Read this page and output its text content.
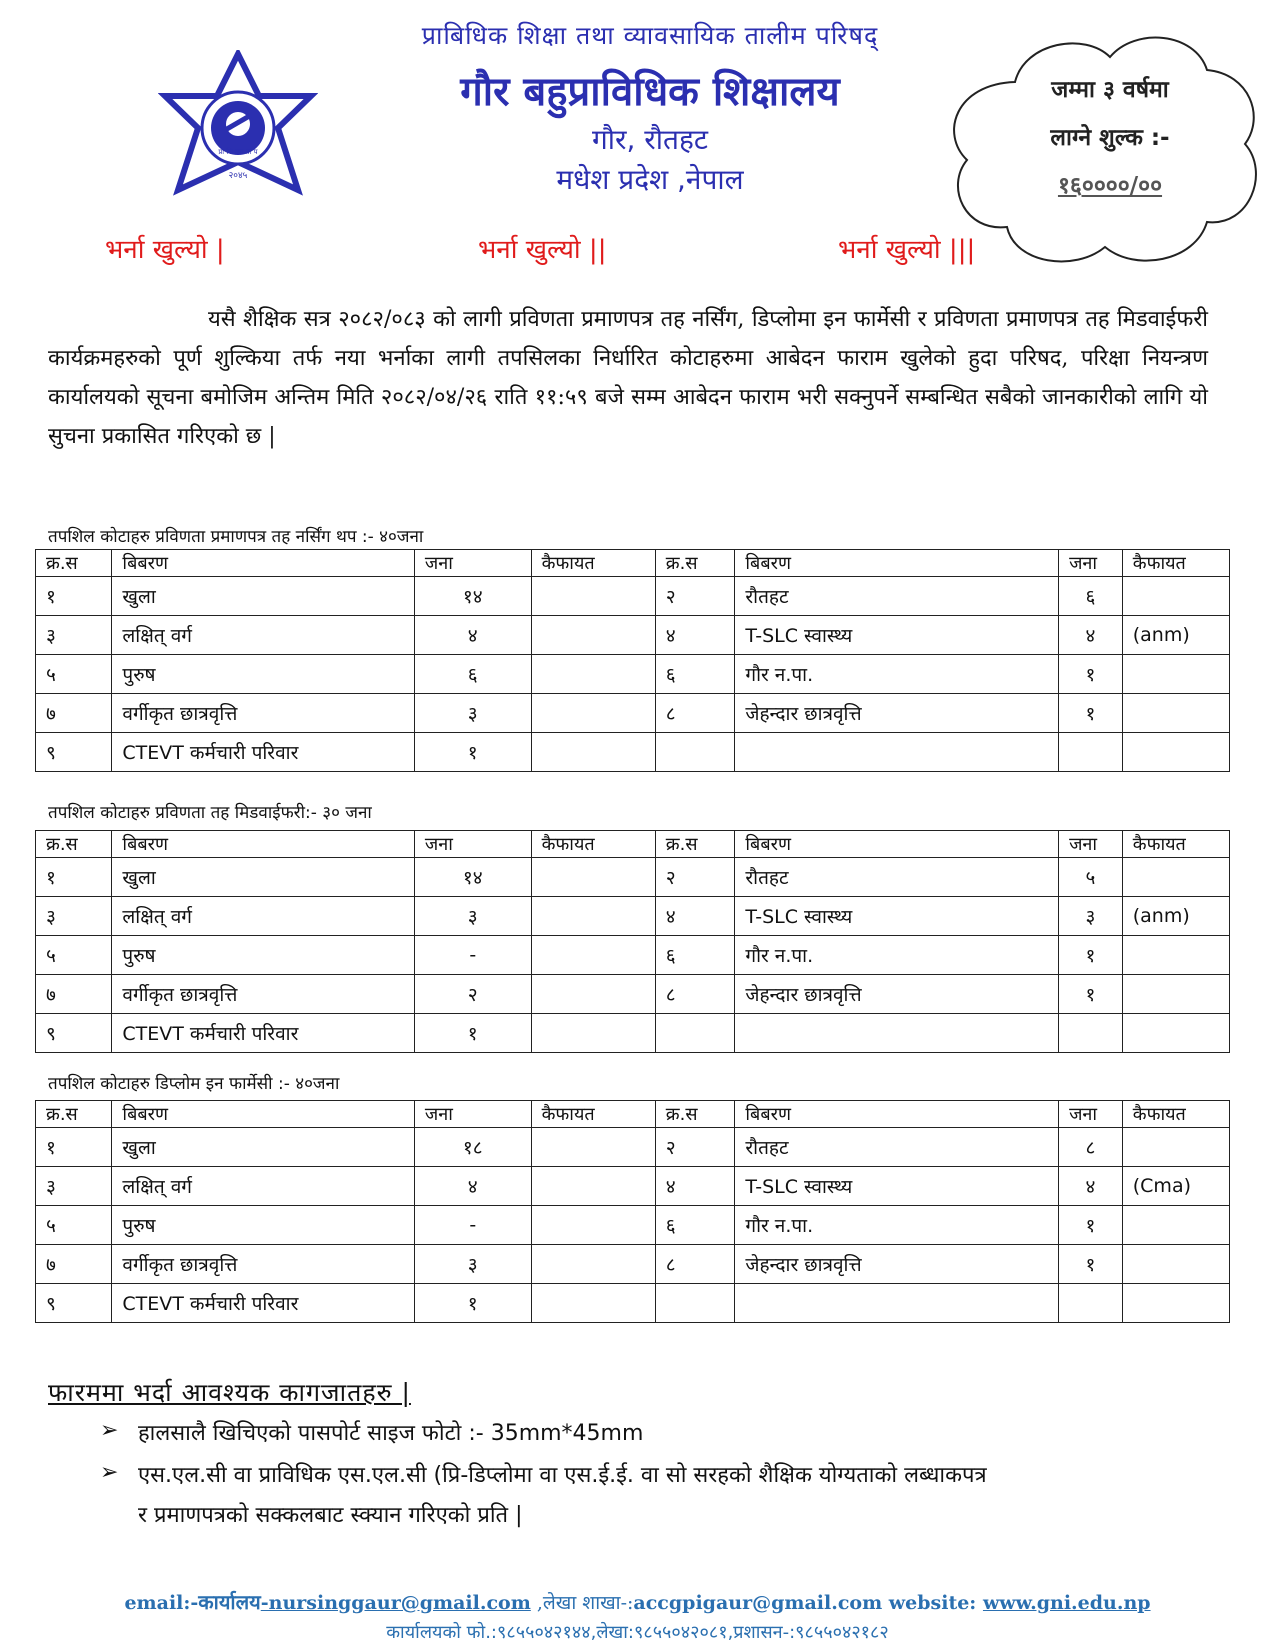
प्रा शि व्या ता प
२०४५
प्राबिधिक शिक्षा तथा व्यावसायिक तालीम परिषद्
गौर बहुप्राविधिक शिक्षालय
गौर, रौतहट
मधेश प्रदेश ,नेपाल
जम्मा ३ वर्षमा
लाग्ने शुल्क :-
१६००००/००
भर्ना खुल्यो |	भर्ना खुल्यो ||	भर्ना खुल्यो |||
यसै शैक्षिक सत्र २०८२/०८३ को लागी प्रविणता प्रमाणपत्र तह नर्सिंग, डिप्लोमा इन फार्मेसी र प्रविणता प्रमाणपत्र तह मिडवाईफरी कार्यक्रमहरुको पूर्ण शुल्किया तर्फ नया भर्नाका लागी तपसिलका निर्धारित कोटाहरुमा आबेदन फाराम खुलेको हुदा परिषद, परिक्षा नियन्त्रण कार्यालयको सूचना बमोजिम अन्तिम मिति २०८२/०४/२६ राति ११:५९ बजे सम्म आबेदन फाराम भरी सक्नुपर्ने सम्बन्धित सबैको जानकारीको लागि यो सुचना प्रकासित गरिएको छ |
तपशिल कोटाहरु प्रविणता प्रमाणपत्र तह नर्सिंग थप :- ४०जना
क्र.स	बिबरण	जना	कैफायत	क्र.स	बिबरण	जना	कैफायत
१	खुला	१४		२	रौतहट	६	
३	लक्षित् वर्ग	४		४	T-SLC स्वास्थ्य	४	(anm)
५	पुरुष	६		६	गौर न.पा.	१	
७	वर्गीकृत छात्रवृत्ति	३		८	जेहन्दार छात्रवृत्ति	१	
९	CTEVT कर्मचारी परिवार	१					
तपशिल कोटाहरु प्रविणता तह मिडवाईफरी:- ३० जना
क्र.स	बिबरण	जना	कैफायत	क्र.स	बिबरण	जना	कैफायत
१	खुला	१४		२	रौतहट	५	
३	लक्षित् वर्ग	३		४	T-SLC स्वास्थ्य	३	(anm)
५	पुरुष	-		६	गौर न.पा.	१	
७	वर्गीकृत छात्रवृत्ति	२		८	जेहन्दार छात्रवृत्ति	१	
९	CTEVT कर्मचारी परिवार	१					
तपशिल कोटाहरु डिप्लोम इन फार्मेसी :- ४०जना
क्र.स	बिबरण	जना	कैफायत	क्र.स	बिबरण	जना	कैफायत
१	खुला	१८		२	रौतहट	८	
३	लक्षित् वर्ग	४		४	T-SLC स्वास्थ्य	४	(Cma)
५	पुरुष	-		६	गौर न.पा.	१	
७	वर्गीकृत छात्रवृत्ति	३		८	जेहन्दार छात्रवृत्ति	१	
९	CTEVT कर्मचारी परिवार	१					
फारममा भर्दा आवश्यक कागजातहरु |
➢ हालसालै खिचिएको पासपोर्ट साइज फोटो :- 35mm*45mm
➢ एस.एल.सी वा प्राविधिक एस.एल.सी (प्रि-डिप्लोमा वा एस.ई.ई. वा सो सरहको शैक्षिक योग्यताको लब्धाकपत्र
र प्रमाणपत्रको सक्कलबाट स्क्यान गरिएको प्रति |
email:-कार्यालय-nursinggaur@gmail.com ,लेखा शाखा-:accgpigaur@gmail.com website: www.gni.edu.np
कार्यालयको फो.:९८५५०४२१४४,लेखा:९८५५०४२०८१,प्रशासन-:९८५५०४२१८२
